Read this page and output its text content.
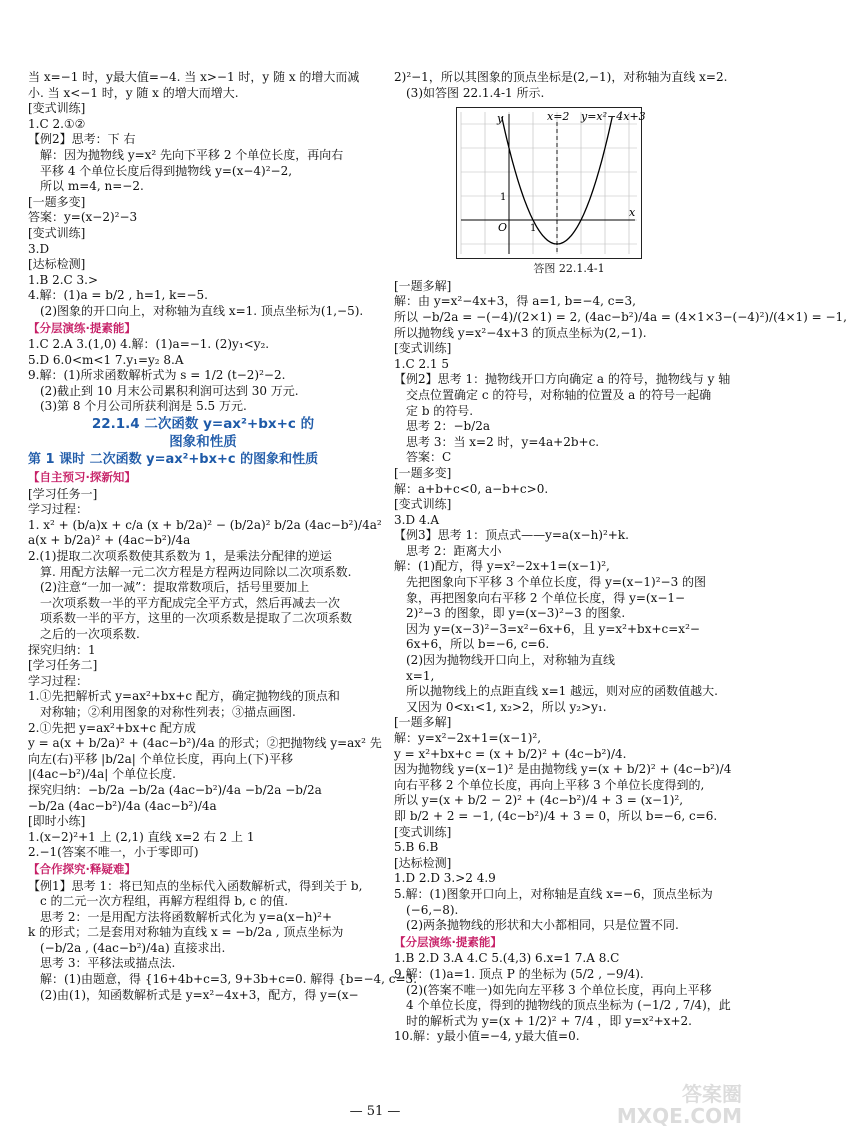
当 x=−1 时，y最大值=−4. 当 x>−1 时，y 随 x 的增大而减
小. 当 x<−1 时，y 随 x 的增大而增大.
[变式训练]
1.C 2.①②
【例2】思考：下 右
解：因为抛物线 y=x² 先向下平移 2 个单位长度，再向右
平移 4 个单位长度后得到抛物线 y=(x−4)²−2,
所以 m=4, n=−2.
[一题多变]
答案：y=(x−2)²−3
[变式训练]
3.D
[达标检测]
1.B 2.C 3.>
4.解：(1)a = b/2 , h=1, k=−5.
(2)图象的开口向上，对称轴为直线 x=1. 顶点坐标为(1,−5).
【分层演练·提素能】
1.C 2.A 3.(1,0) 4.解：(1)a=−1. (2)y₁<y₂.
5.D 6.0<m<1 7.y₁=y₂ 8.A
9.解：(1)所求函数解析式为 s = 1/2 (t−2)²−2.
(2)截止到 10 月末公司累积利润可达到 30 万元.
(3)第 8 个月公司所获利润是 5.5 万元.
22.1.4 二次函数 y=ax²+bx+c 的
图象和性质
第 1 课时 二次函数 y=ax²+bx+c 的图象和性质
【自主预习·探新知】
[学习任务一]
学习过程：
1. x² + (b/a)x + c/a (x + b/2a)² − (b/2a)² b/2a (4ac−b²)/4a²
a(x + b/2a)² + (4ac−b²)/4a
2.(1)提取二次项系数使其系数为 1，是乘法分配律的逆运
算. 用配方法解一元二次方程是方程两边同除以二次项系数.
(2)注意“一加一减”：提取常数项后，括号里要加上
一次项系数一半的平方配成完全平方式，然后再减去一次
项系数一半的平方，这里的一次项系数是提取了二次项系数
之后的一次项系数.
探究归纳：1
[学习任务二]
学习过程：
1.①先把解析式 y=ax²+bx+c 配方，确定抛物线的顶点和
对称轴；②利用图象的对称性列表；③描点画图.
2.①先把 y=ax²+bx+c 配方成
y = a(x + b/2a)² + (4ac−b²)/4a 的形式；②把抛物线 y=ax² 先
向左(右)平移 |b/2a| 个单位长度，再向上(下)平移
|(4ac−b²)/4a| 个单位长度.
探究归纳：−b/2a −b/2a (4ac−b²)/4a −b/2a −b/2a
−b/2a (4ac−b²)/4a (4ac−b²)/4a
[即时小练]
1.(x−2)²+1 上 (2,1) 直线 x=2 右 2 上 1
2.−1(答案不唯一，小于零即可)
【合作探究·释疑难】
【例1】思考 1：将已知点的坐标代入函数解析式，得到关于 b,
c 的二元一次方程组，再解方程组得 b, c 的值.
思考 2：一是用配方法将函数解析式化为 y=a(x−h)²+
k 的形式；二是套用对称轴为直线 x = −b/2a , 顶点坐标为
(−b/2a , (4ac−b²)/4a) 直接求出.
思考 3：平移法或描点法.
解：(1)由题意，得 {16+4b+c=3, 9+3b+c=0. 解得 {b=−4, c=3.
(2)由(1)，知函数解析式是 y=x²−4x+3，配方，得 y=(x−
2)²−1，所以其图象的顶点坐标是(2,−1)，对称轴为直线 x=2.
(3)如答图 22.1.4-1 所示.
x
y	x=2 y=x²−4x+3
O 1
1
答图 22.1.4-1
[一题多解]
解：由 y=x²−4x+3，得 a=1, b=−4, c=3,
所以 −b/2a = −(−4)/(2×1) = 2, (4ac−b²)/4a = (4×1×3−(−4)²)/(4×1) = −1,
所以抛物线 y=x²−4x+3 的顶点坐标为(2,−1).
[变式训练]
1.C 2.1 5
【例2】思考 1：抛物线开口方向确定 a 的符号，抛物线与 y 轴
交点位置确定 c 的符号，对称轴的位置及 a 的符号一起确
定 b 的符号.
思考 2：−b/2a
思考 3：当 x=2 时，y=4a+2b+c.
答案：C
[一题多变]
解：a+b+c<0, a−b+c>0.
[变式训练]
3.D 4.A
【例3】思考 1：顶点式——y=a(x−h)²+k.
思考 2：距离大小
解：(1)配方，得 y=x²−2x+1=(x−1)²,
先把图象向下平移 3 个单位长度，得 y=(x−1)²−3 的图
象，再把图象向右平移 2 个单位长度，得 y=(x−1−
2)²−3 的图象，即 y=(x−3)²−3 的图象.
因为 y=(x−3)²−3=x²−6x+6，且 y=x²+bx+c=x²−
6x+6，所以 b=−6, c=6.
(2)因为抛物线开口向上，对称轴为直线
x=1,
所以抛物线上的点距直线 x=1 越远，则对应的函数值越大.
又因为 0<x₁<1, x₂>2，所以 y₂>y₁.
[一题多解]
解：y=x²−2x+1=(x−1)²,
y = x²+bx+c = (x + b/2)² + (4c−b²)/4.
因为抛物线 y=(x−1)² 是由抛物线 y=(x + b/2)² + (4c−b²)/4
向右平移 2 个单位长度，再向上平移 3 个单位长度得到的,
所以 y=(x + b/2 − 2)² + (4c−b²)/4 + 3 = (x−1)²,
即 b/2 + 2 = −1, (4c−b²)/4 + 3 = 0，所以 b=−6, c=6.
[变式训练]
5.B 6.B
[达标检测]
1.D 2.D 3.>2 4.9
5.解：(1)图象开口向上，对称轴是直线 x=−6，顶点坐标为
(−6,−8).
(2)两条抛物线的形状和大小都相同，只是位置不同.
【分层演练·提素能】
1.B 2.D 3.A 4.C 5.(4,3) 6.x=1 7.A 8.C
9.解：(1)a=1. 顶点 P 的坐标为 (5/2 , −9/4).
(2)(答案不唯一)如先向左平移 3 个单位长度，再向上平移
4 个单位长度，得到的抛物线的顶点坐标为 (−1/2 , 7/4)，此
时的解析式为 y=(x + 1/2)² + 7/4 ，即 y=x²+x+2.
10.解：y最小值=−4, y最大值=0.
— 51 —
答案圈
MXQE.COM
